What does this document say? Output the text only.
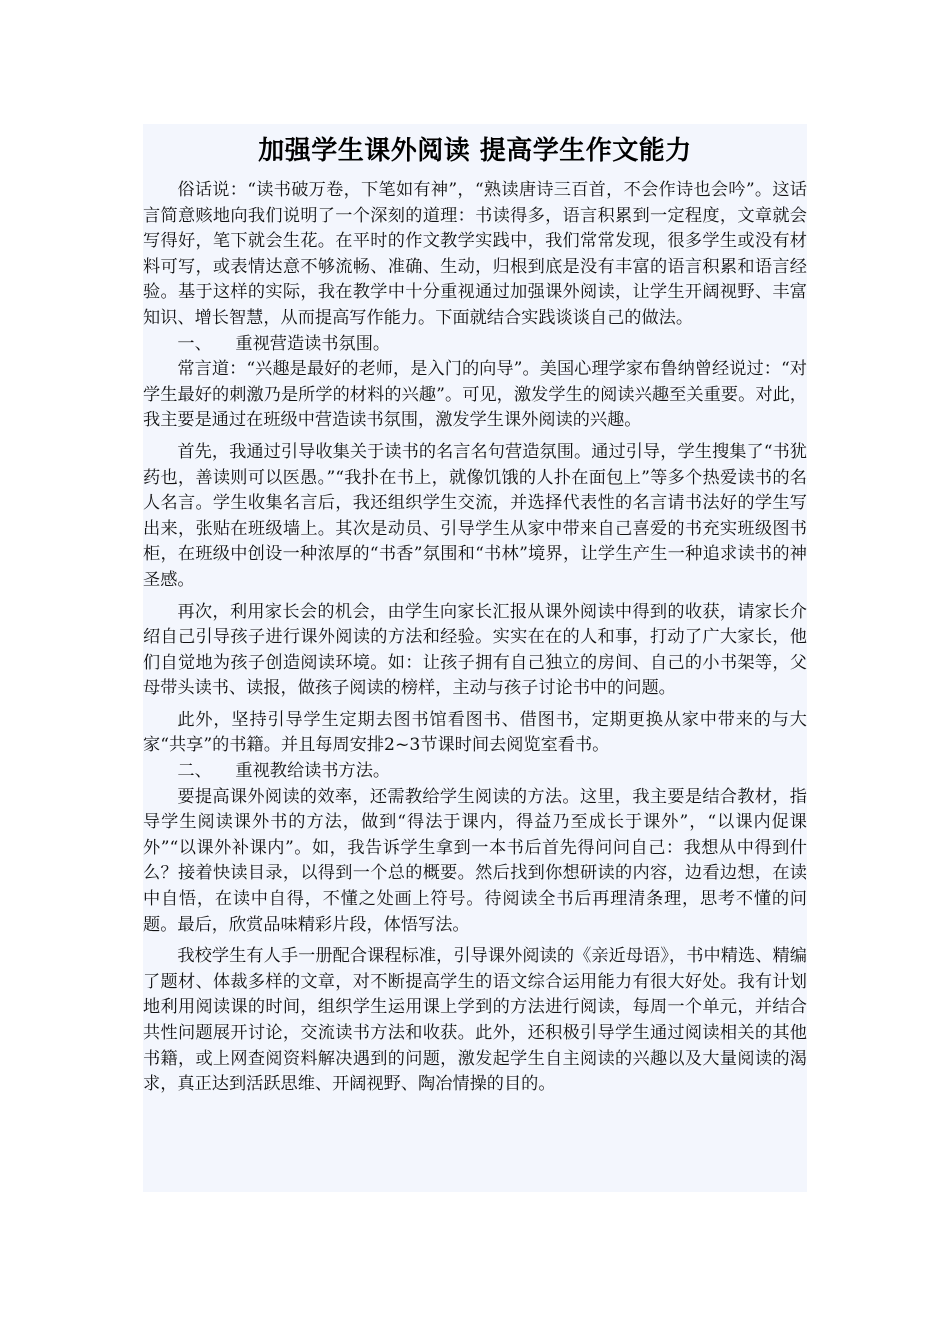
加强学生课外阅读 提高学生作文能力

俗话说：“读书破万卷，下笔如有神”，“熟读唐诗三百首，不会作诗也会吟”。这话言简意赅地向我们说明了一个深刻的道理：书读得多，语言积累到一定程度，文章就会写得好，笔下就会生花。在平时的作文教学实践中，我们常常发现，很多学生或没有材料可写，或表情达意不够流畅、准确、生动，归根到底是没有丰富的语言积累和语言经验。基于这样的实际，我在教学中十分重视通过加强课外阅读，让学生开阔视野、丰富知识、增长智慧，从而提高写作能力。下面就结合实践谈谈自己的做法。

一、 重视营造读书氛围。

常言道：“兴趣是最好的老师，是入门的向导”。美国心理学家布鲁纳曾经说过：“对学生最好的刺激乃是所学的材料的兴趣”。可见，激发学生的阅读兴趣至关重要。对此，我主要是通过在班级中营造读书氛围，激发学生课外阅读的兴趣。

首先，我通过引导收集关于读书的名言名句营造氛围。通过引导，学生搜集了“书犹药也，善读则可以医愚。”“我扑在书上，就像饥饿的人扑在面包上”等多个热爱读书的名人名言。学生收集名言后，我还组织学生交流，并选择代表性的名言请书法好的学生写出来，张贴在班级墙上。其次是动员、引导学生从家中带来自己喜爱的书充实班级图书柜，在班级中创设一种浓厚的“书香”氛围和“书林”境界，让学生产生一种追求读书的神圣感。

再次，利用家长会的机会，由学生向家长汇报从课外阅读中得到的收获，请家长介绍自己引导孩子进行课外阅读的方法和经验。实实在在的人和事，打动了广大家长，他们自觉地为孩子创造阅读环境。如：让孩子拥有自己独立的房间、自己的小书架等，父母带头读书、读报，做孩子阅读的榜样，主动与孩子讨论书中的问题。

此外，坚持引导学生定期去图书馆看图书、借图书，定期更换从家中带来的与大家“共享”的书籍。并且每周安排2~3节课时间去阅览室看书。

二、 重视教给读书方法。

要提高课外阅读的效率，还需教给学生阅读的方法。这里，我主要是结合教材，指导学生阅读课外书的方法，做到“得法于课内，得益乃至成长于课外”，“以课内促课外”“以课外补课内”。如，我告诉学生拿到一本书后首先得问问自己：我想从中得到什么？接着快读目录，以得到一个总的概要。然后找到你想研读的内容，边看边想，在读中自悟，在读中自得，不懂之处画上符号。待阅读全书后再理清条理，思考不懂的问题。最后，欣赏品味精彩片段，体悟写法。

我校学生有人手一册配合课程标准，引导课外阅读的《亲近母语》，书中精选、精编了题材、体裁多样的文章，对不断提高学生的语文综合运用能力有很大好处。我有计划地利用阅读课的时间，组织学生运用课上学到的方法进行阅读，每周一个单元，并结合共性问题展开讨论，交流读书方法和收获。此外，还积极引导学生通过阅读相关的其他书籍，或上网查阅资料解决遇到的问题，激发起学生自主阅读的兴趣以及大量阅读的渴求，真正达到活跃思维、开阔视野、陶冶情操的目的。
